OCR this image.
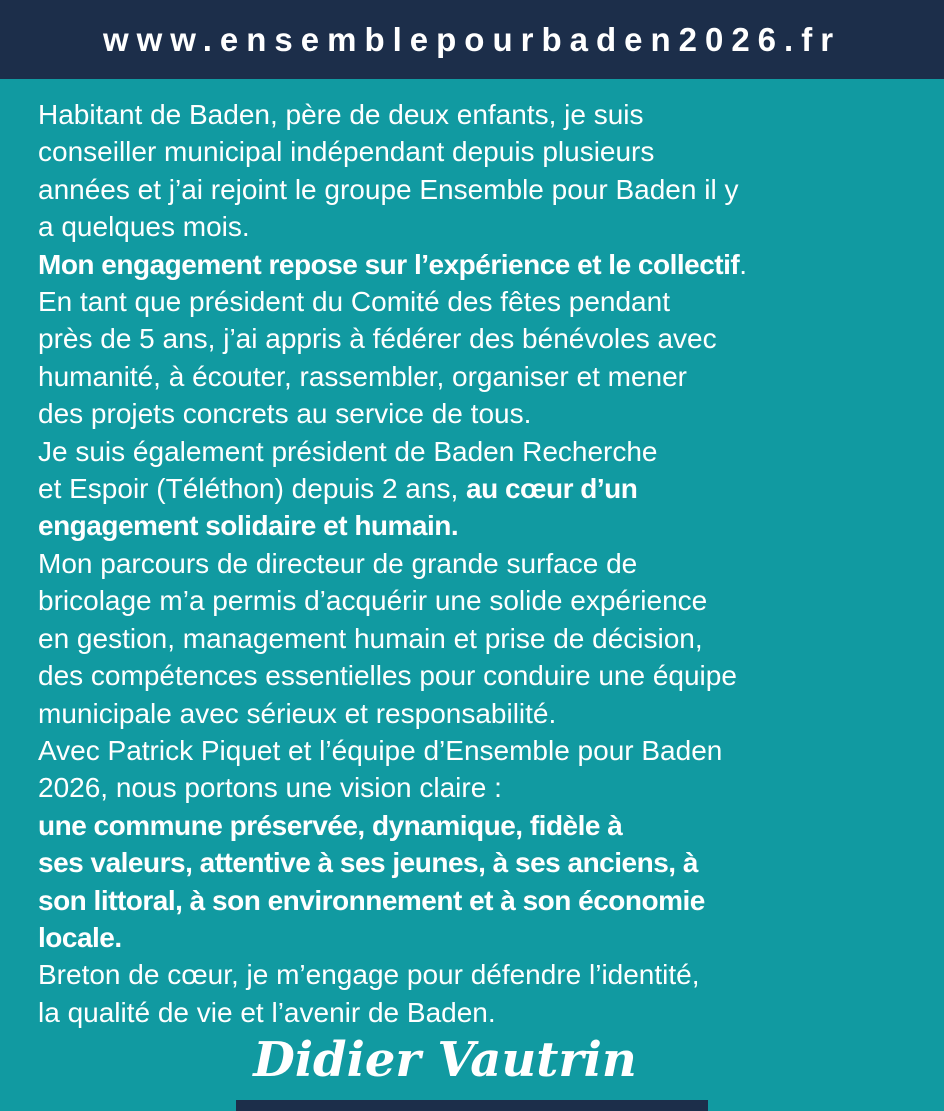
www.ensemblepourbaden2026.fr
Habitant de Baden, père de deux enfants, je suis
conseiller municipal indépendant depuis plusieurs
années et j’ai rejoint le groupe Ensemble pour Baden il y
a quelques mois.
Mon engagement repose sur l’expérience et le collectif.
En tant que président du Comité des fêtes pendant
près de 5 ans, j’ai appris à fédérer des bénévoles avec
humanité, à écouter, rassembler, organiser et mener
des projets concrets au service de tous.
Je suis également président de Baden Recherche
et Espoir (Téléthon) depuis 2 ans, au cœur d’un
engagement solidaire et humain.
Mon parcours de directeur de grande surface de
bricolage m’a permis d’acquérir une solide expérience
en gestion, management humain et prise de décision,
des compétences essentielles pour conduire une équipe
municipale avec sérieux et responsabilité.
Avec Patrick Piquet et l’équipe d’Ensemble pour Baden
2026, nous portons une vision claire :
une commune préservée, dynamique, fidèle à
ses valeurs, attentive à ses jeunes, à ses anciens, à
son littoral, à son environnement et à son économie
locale.
Breton de cœur, je m’engage pour défendre l’identité,
la qualité de vie et l’avenir de Baden.
Didier Vautrin
